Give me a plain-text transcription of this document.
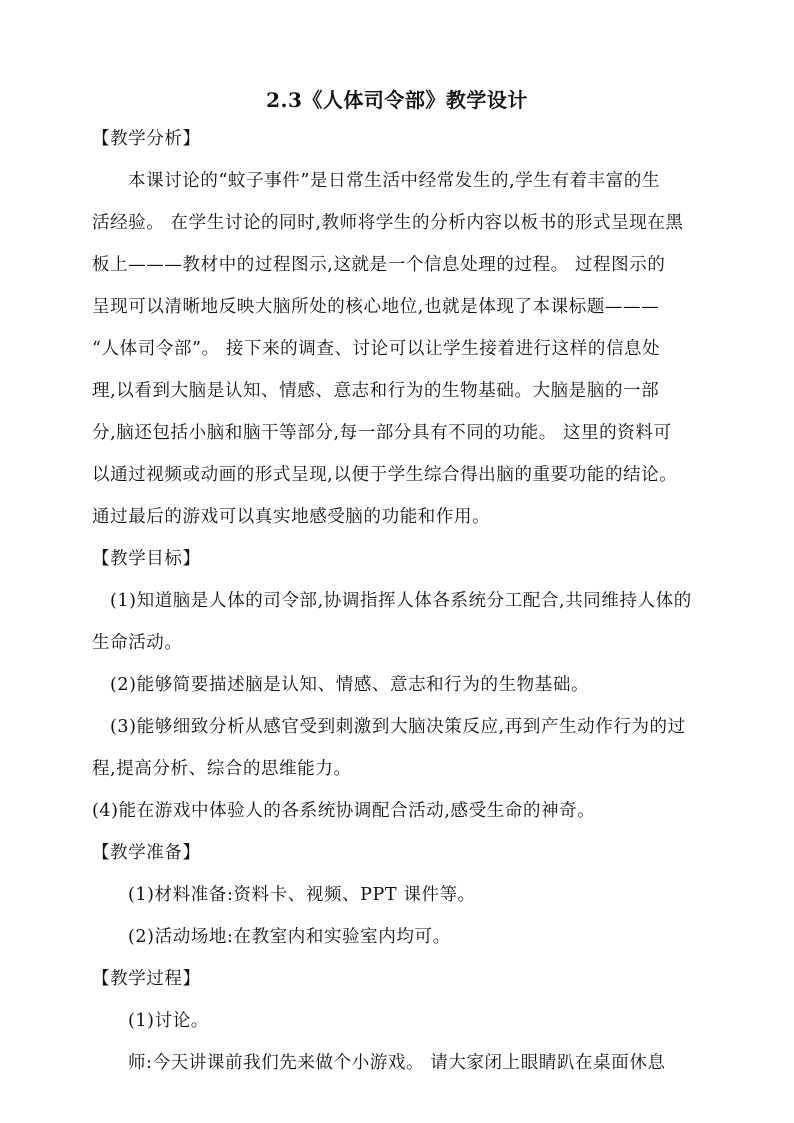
2.3《人体司令部》教学设计
【教学分析】
本课讨论的“蚊子事件”是日常生活中经常发生的,学生有着丰富的生
活经验。 在学生讨论的同时,教师将学生的分析内容以板书的形式呈现在黑
板上———教材中的过程图示,这就是一个信息处理的过程。 过程图示的
呈现可以清晰地反映大脑所处的核心地位,也就是体现了本课标题———
“人体司令部”。 接下来的调查、讨论可以让学生接着进行这样的信息处
理,以看到大脑是认知、情感、意志和行为的生物基础。大脑是脑的一部
分,脑还包括小脑和脑干等部分,每一部分具有不同的功能。 这里的资料可
以通过视频或动画的形式呈现,以便于学生综合得出脑的重要功能的结论。
通过最后的游戏可以真实地感受脑的功能和作用。
【教学目标】
(1)知道脑是人体的司令部,协调指挥人体各系统分工配合,共同维持人体的
生命活动。
(2)能够简要描述脑是认知、情感、意志和行为的生物基础。
(3)能够细致分析从感官受到刺激到大脑决策反应,再到产生动作行为的过
程,提高分析、综合的思维能力。
(4)能在游戏中体验人的各系统协调配合活动,感受生命的神奇。
【教学准备】
(1)材料准备:资料卡、视频、PPT 课件等。
(2)活动场地:在教室内和实验室内均可。
【教学过程】
(1)讨论。
师:今天讲课前我们先来做个小游戏。 请大家闭上眼睛趴在桌面休息
